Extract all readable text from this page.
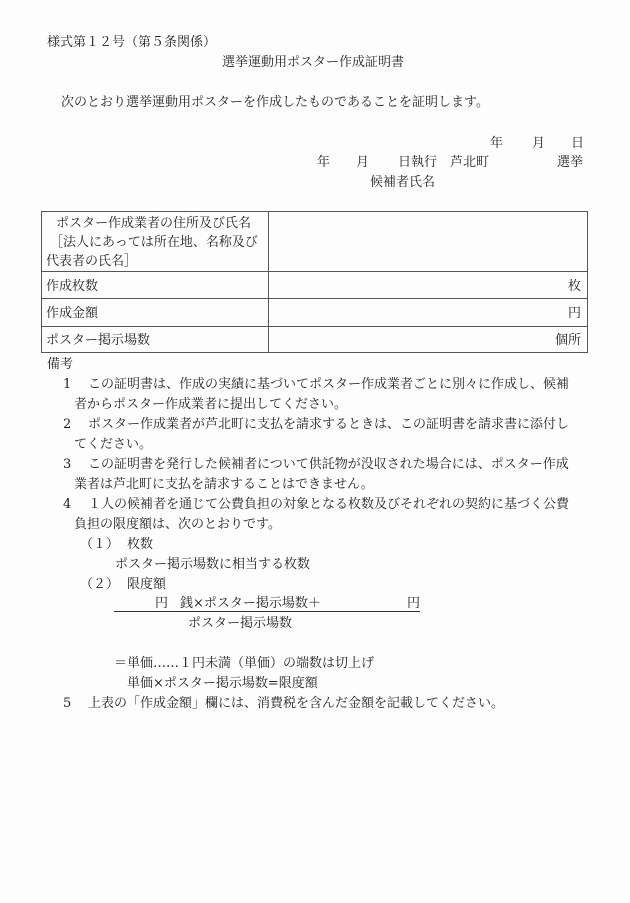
様式第１２号（第５条関係）
選挙運動用ポスター作成証明書
次のとおり選挙運動用ポスターを作成したものであることを証明します。
年 月 日
年 月 日執行 芦北町	選挙
候補者氏名
ポスター作成業者の住所及び氏名
［法人にあっては所在地、名称及び
代表者の氏名］
作成枚数	枚
作成金額	円
ポスター掲示場数	個所
備考
1 この証明書は、作成の実績に基づいてポスター作成業者ごとに別々に作成し、候補
者からポスター作成業者に提出してください。
2 ポスター作成業者が芦北町に支払を請求するときは、この証明書を請求書に添付し
てください。
3 この証明書を発行した候補者について供託物が没収された場合には、ポスター作成
業者は芦北町に支払を請求することはできません。
4 １人の候補者を通じて公費負担の対象となる枚数及びそれぞれの契約に基づく公費
負担の限度額は、次のとおりです。
（１） 枚数
ポスター掲示場数に相当する枚数
（２） 限度額
円 銭×ポスター掲示場数＋	円
ポスター掲示場数
＝単価……１円未満（単価）の端数は切上げ
単価×ポスター掲示場数=限度額
5 上表の「作成金額」欄には、消費税を含んだ金額を記載してください。
